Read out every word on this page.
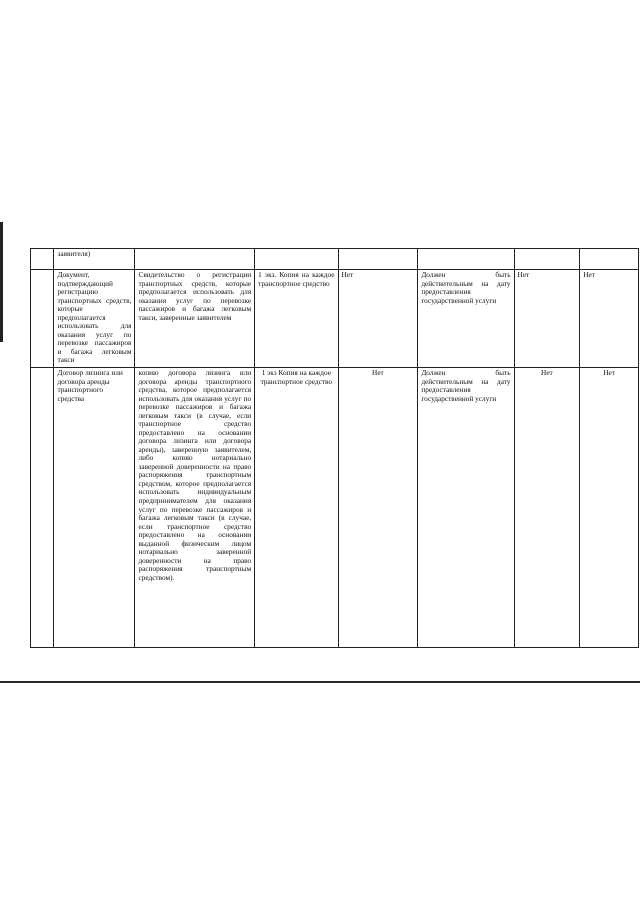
	заявителя)						
	Документ, подтверждающий регистрацию транспортных средств, которые предполагается использовать для оказания услуг по перевозке пассажиров и багажа легковым такси	Свидетельство о регистрации транспортных средств, которые предполагается использовать для оказания услуг по перевозке пассажиров и багажа легковым такси, заверенные заявителем	1 экз. Копия на каждое транспортное средство	Нет	Должен быть действительным на дату предоставления государственной услуги	Нет	Нет
	Договор лизинга или договора аренды транспортного средства	копию договора лизинга или договора аренды транспортного средства, которое предполагается использовать для оказания услуг по перевозке пассажиров и багажа легковым такси (в случае, если транспортное средство предоставлено на основании договора лизинга или договора аренды), заверенную заявителем, либо копию нотариально заверенной доверенности на право распоряжения транспортным средством, которое предполагается использовать индивидуальным предпринимателем для оказания услуг по перевозке пассажиров и багажа легковым такси (в случае, если транспортное средство предоставлено на основании выданной физическим лицом нотариально заверенной доверенности на право распоряжения транспортным средством).	1 экз Копия на каждое транспортное средство	Нет	Должен быть действительным на дату предоставления государственной услуги	Нет	Нет
